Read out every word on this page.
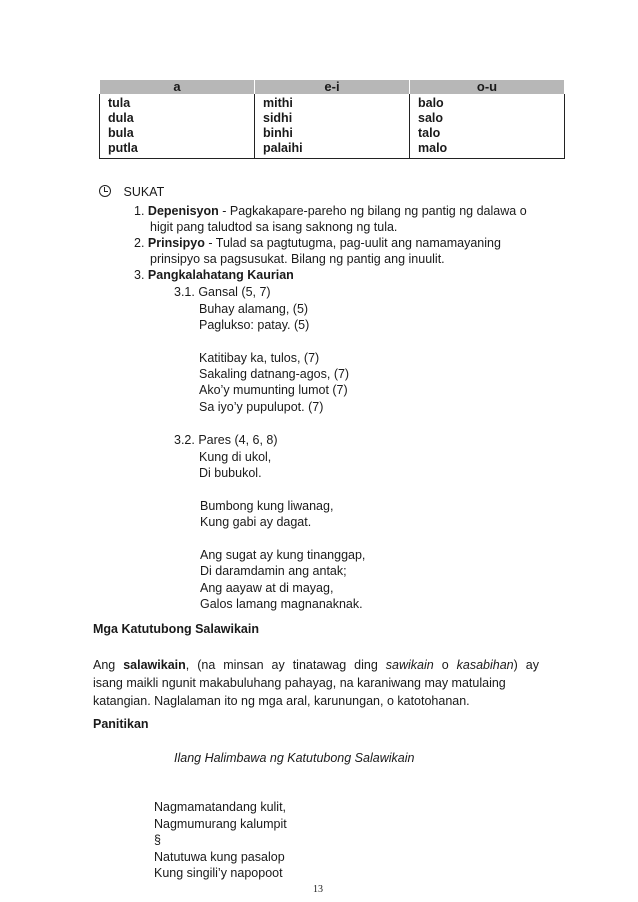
a	e-i	o-u
tula	mithi	balo
dula	sidhi	salo
bula	binhi	talo
putla	palaihi	malo
SUKAT
1. Depenisyon - Pagkakapare-pareho ng bilang ng pantig ng dalawa o
higit pang taludtod sa isang saknong ng tula.
2. Prinsipyo - Tulad sa pagtutugma, pag-uulit ang namamayaning
prinsipyo sa pagsusukat. Bilang ng pantig ang inuulit.
3. Pangkalahatang Kaurian
3.1. Gansal (5, 7)
Buhay alamang, (5)
Paglukso: patay. (5)
Katitibay ka, tulos, (7)
Sakaling datnang-agos, (7)
Ako’y mumunting lumot (7)
Sa iyo’y pupulupot. (7)
3.2. Pares (4, 6, 8)
Kung di ukol,
Di bubukol.
Bumbong kung liwanag,
Kung gabi ay dagat.
Ang sugat ay kung tinanggap,
Di daramdamin ang antak;
Ang aayaw at di mayag,
Galos lamang magnanaknak.
Mga Katutubong Salawikain
Ang salawikain, (na minsan ay tinatawag ding sawikain o kasabihan) ay
isang maikli ngunit makabuluhang pahayag, na karaniwang may matulaing
katangian. Naglalaman ito ng mga aral, karunungan, o katotohanan.
Panitikan
Ilang Halimbawa ng Katutubong Salawikain
Nagmamatandang kulit,
Nagmumurang kalumpit
§
Natutuwa kung pasalop
Kung singili’y napopoot
13
